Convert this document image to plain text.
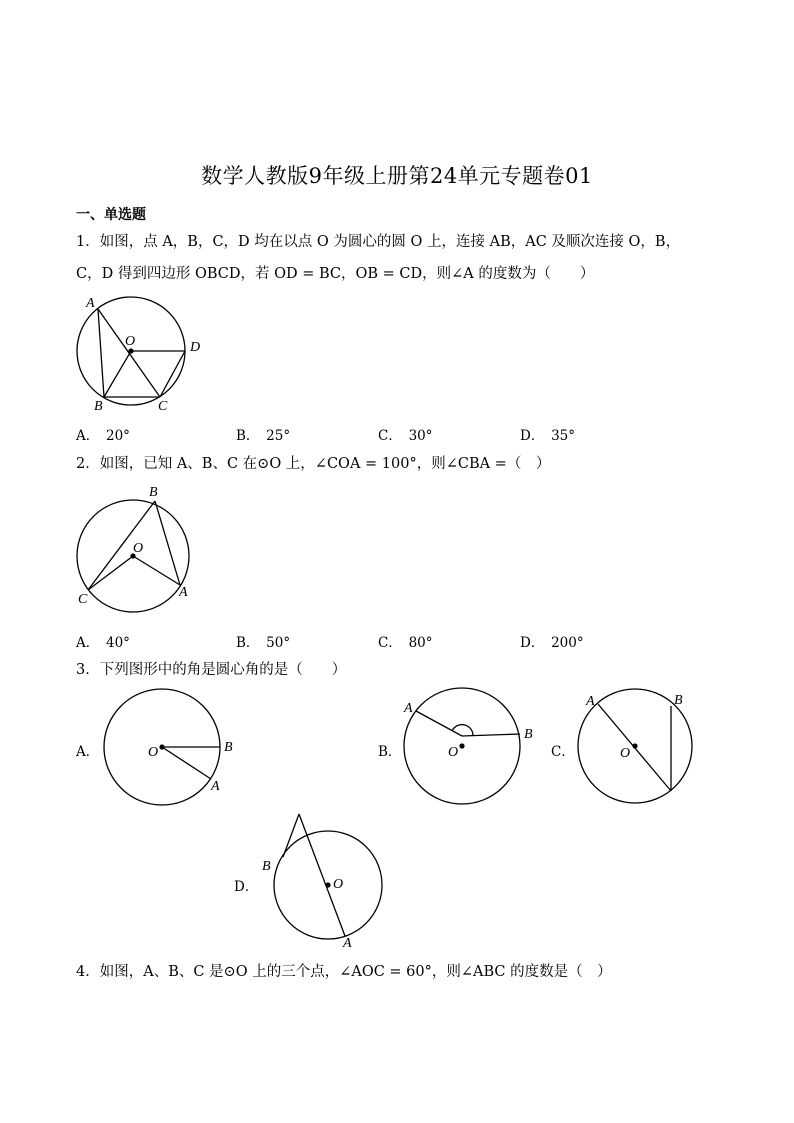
数学人教版9年级上册第24单元专题卷01
一、单选题
1．如图，点 A，B，C，D 均在以点 O 为圆心的圆 O 上，连接 AB，AC 及顺次连接 O，B，
C，D 得到四边形 OBCD，若 OD = BC，OB = CD，则∠A 的度数为（　　）
A
O	D
B	C
A．　20°	B．　25°	C．　30°	D．　35°
2．如图，已知 A、B、C 在⊙O 上，∠COA = 100°，则∠CBA =（　）
B
O
C	A
A．　40°	B．　50°	C．　80°	D．　200°
3．下列图形中的角是圆心角的是（　　）
A．	B．	C．
D．
O	B
A
A
O
B
A	B
O
B
O
A
4．如图，A、B、C 是⊙O 上的三个点，∠AOC = 60°，则∠ABC 的度数是（　）
